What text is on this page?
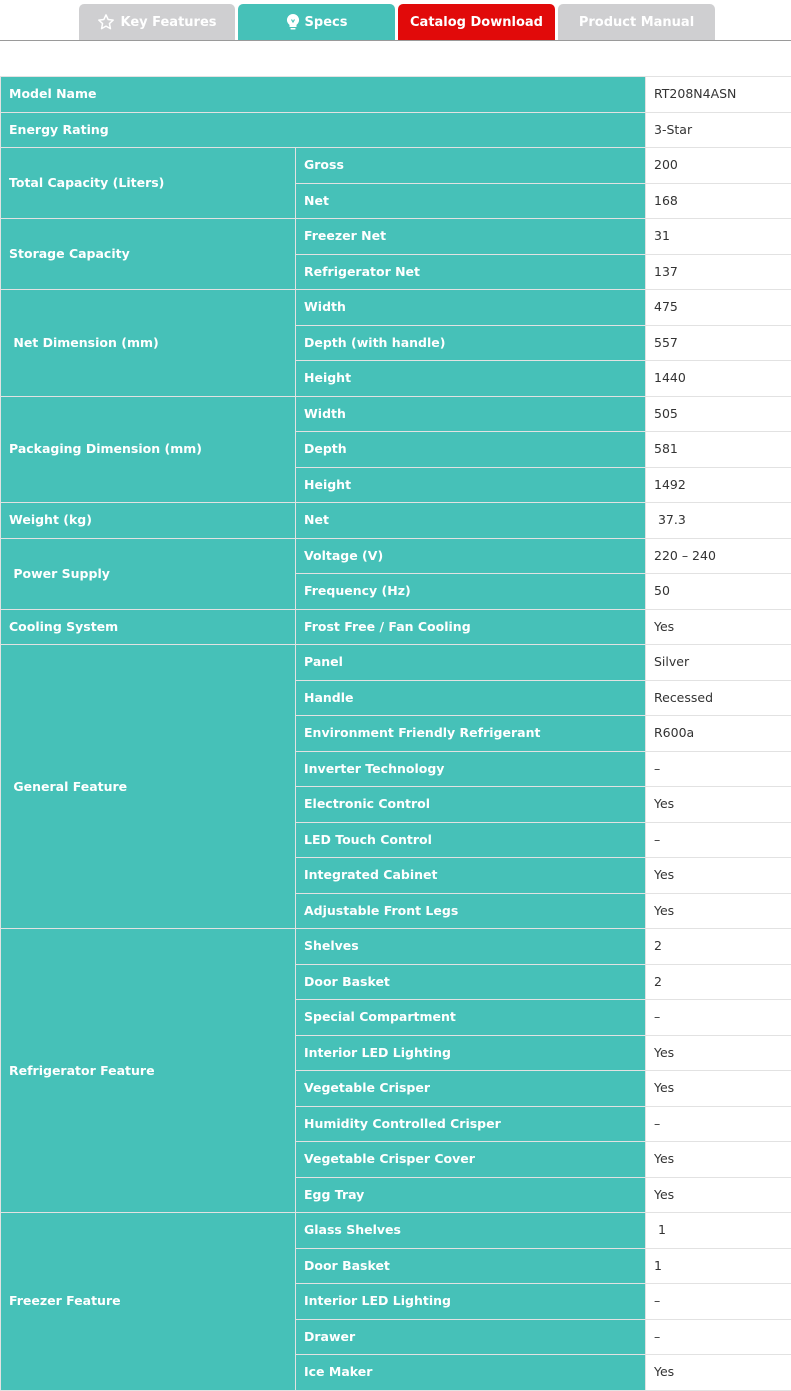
Key Features	Specs	Catalog Download	Product Manual
Model Name		RT208N4ASN
Energy Rating		3-Star
Total Capacity (Liters)	Gross	200
	Net	168
Storage Capacity	Freezer Net	31
	Refrigerator Net	137
Net Dimension (mm)	Width	475
	Depth (with handle)	557
	Height	1440
Packaging Dimension (mm)	Width	505
	Depth	581
	Height	1492
Weight (kg)	Net	37.3
Power Supply	Voltage (V)	220 – 240
	Frequency (Hz)	50
Cooling System	Frost Free / Fan Cooling	Yes
General Feature	Panel	Silver
	Handle	Recessed
	Environment Friendly Refrigerant	R600a
	Inverter Technology	–
	Electronic Control	Yes
	LED Touch Control	–
	Integrated Cabinet	Yes
	Adjustable Front Legs	Yes
Refrigerator Feature	Shelves	2
	Door Basket	2
	Special Compartment	–
	Interior LED Lighting	Yes
	Vegetable Crisper	Yes
	Humidity Controlled Crisper	–
	Vegetable Crisper Cover	Yes
	Egg Tray	Yes
Freezer Feature	Glass Shelves	1
	Door Basket	1
	Interior LED Lighting	–
	Drawer	–
	Ice Maker	Yes
